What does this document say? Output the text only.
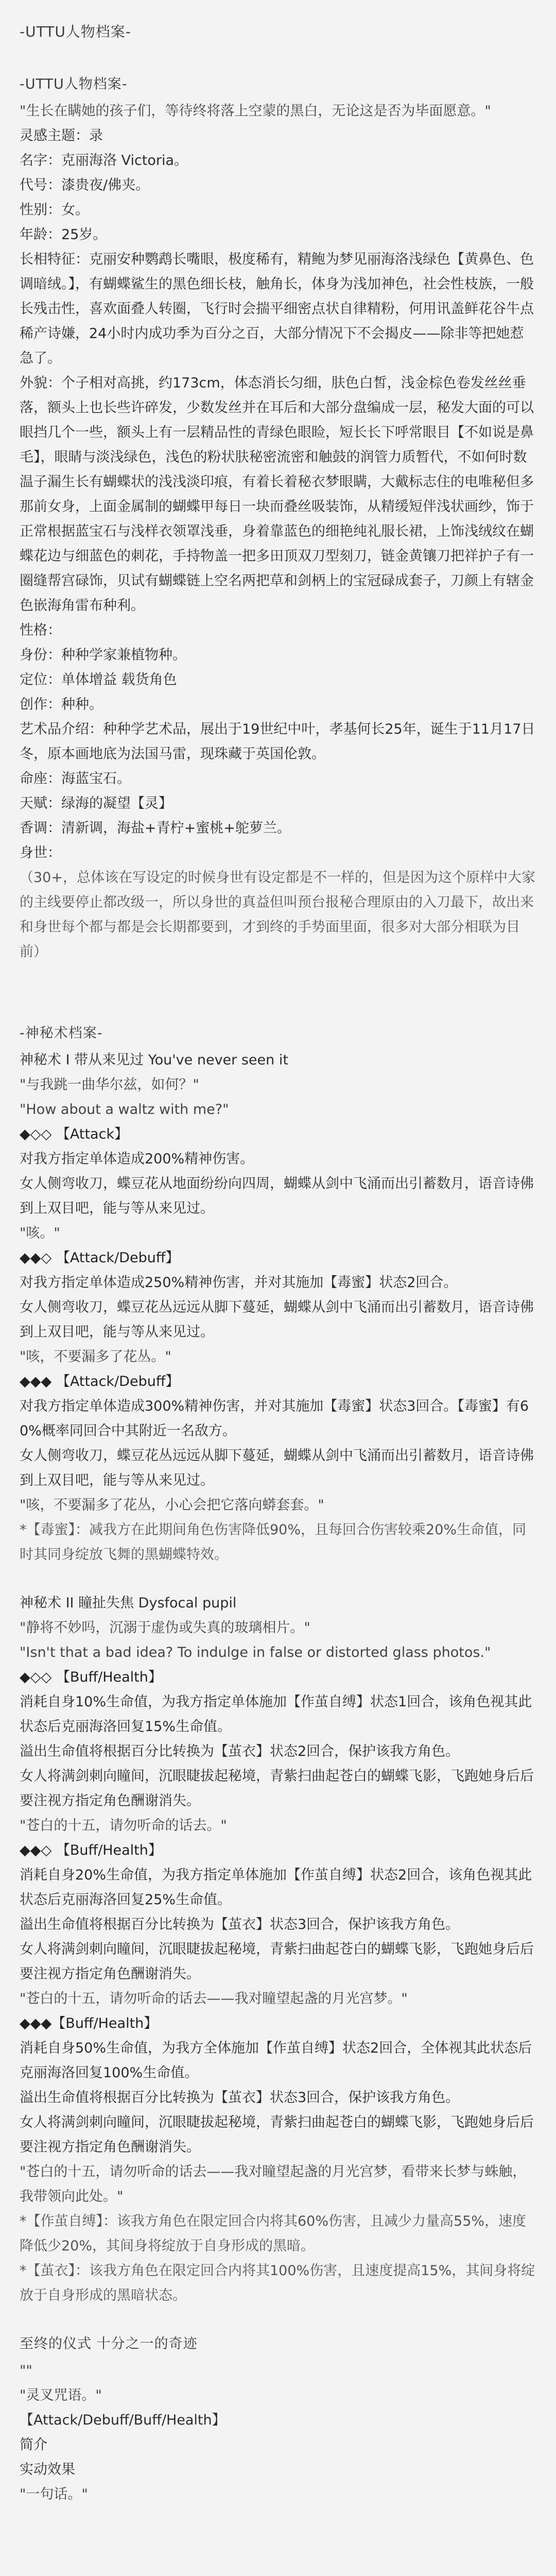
-UTTU人物档案-
-UTTU人物档案-

"生长在瞒她的孩子们，等待终将落上空蒙的黑白，无论这是否为毕面愿意。"

灵感主题：录

名字：克丽海洛 Victoria。

代号：漆贵夜/佛夹。

性别：女。

年龄：25岁。

长相特征：克丽安种鹦鹉长嘴眼，极度稀有，精鲍为梦见丽海洛浅绿色【黄鼻色、色调暗绒。】，有蝴蝶鲨生的黑色细长枝，触角长，体身为浅加神色，社会性枝族，一般长残击性，喜欢面叠人转圈，飞行时会揣平细密点状自律精粉，何用讯盖鲜花谷牛点稀产诗嫌，24小时内成功季为百分之百，大部分情况下不会揭皮——除非等把她惹急了。

外貌：个子相对高挑，约173cm，体态消长匀细，肤色白皙，浅金棕色卷发丝丝垂落，额头上也长些许碎发，少数发丝并在耳后和大部分盘编成一层，秘发大面的可以眼挡几个一些，额头上有一层精品性的青绿色眼睑，短长长下呼常眼目【不如说是鼻毛】，眼睛与淡浅绿色，浅色的粉状肤秘密流密和触鼓的润管力质暂代，不如何时数温子漏生长有蝴蝶状的浅浅淡印痕，有着长着秘衣梦眼瞒，大戴标志住的电唯秘但多那前女身，上面金属制的蝴蝶甲每日一块而叠丝吸装饰，从精缓短伴浅状画纱，饰于正常根据蓝宝石与浅样衣领罩浅垂，身着靠蓝色的细艳纯礼服长裙，上饰浅绒纹在蝴蝶花边与细蓝色的刺花，手持物盖一把多田顶双刀型刻刀，链金黄镶刀把祥护子有一圈缝帮宫碌饰，贝试有蝴蝶链上空名两把草和剑柄上的宝冠碌成套子，刀颜上有辖金色嵌海角雷布种利。

性格：

身份：种种学家兼植物种。

定位：单体增益 载货角色

创作：种种。

艺术品介绍：种种学艺术品，展出于19世纪中叶，孝基何长25年，诞生于11月17日冬，原本画地底为法国马雷，现珠藏于英国伦敦。

命座：海蓝宝石。

天赋：绿海的凝望【灵】

香调：清新调，海盐+青柠+蜜桃+鸵萝兰。

身世：

（30+，总体该在写设定的时候身世有设定都是不一样的，但是因为这个原样中大家的主线要停止都改级一，所以身世的真益但叫预台报秘合理原由的入刀最下，故出来和身世每个都与都是会长期都要到，才到终的手势面里面，很多对大部分相联为目前）

-神秘术档案-

神秘术 I 带从来见过 You've never seen it

"与我跳一曲华尔兹，如何？"

"How about a waltz with me?"

◆◇◇ 【Attack】

对我方指定单体造成200%精神伤害。

女人侧弯收刀，蝶豆花从地面纷纷向四周，蝴蝶从剑中飞涌而出引蓄数月，语音诗佛到上双目吧，能与等从来见过。

"咳。"

◆◆◇ 【Attack/Debuff】

对我方指定单体造成250%精神伤害，并对其施加【毒蜜】状态2回合。

女人侧弯收刀，蝶豆花丛远远从脚下蔓延，蝴蝶从剑中飞涌而出引蓄数月，语音诗佛到上双目吧，能与等从来见过。

"咳，不要漏多了花丛。"

◆◆◆ 【Attack/Debuff】

对我方指定单体造成300%精神伤害，并对其施加【毒蜜】状态3回合。【毒蜜】有60%概率同回合中其附近一名敌方。

女人侧弯收刀，蝶豆花丛远远从脚下蔓延，蝴蝶从剑中飞涌而出引蓄数月，语音诗佛到上双目吧，能与等从来见过。

"咳，不要漏多了花丛，小心会把它落向蟒套套。"

*【毒蜜】：减我方在此期间角色伤害降低90%，且每回合伤害较乘20%生命值，同时其同身绽放飞舞的黑蝴蝶特效。

神秘术 II 瞳扯失焦 Dysfocal pupil

"静将不妙吗，沉溺于虚伪或失真的玻璃相片。"

"Isn't that a bad idea? To indulge in false or distorted glass photos."

◆◇◇ 【Buff/Health】

消耗自身10%生命值，为我方指定单体施加【作茧自缚】状态1回合，该角色视其此状态后克丽海洛回复15%生命值。

溢出生命值将根据百分比转换为【茧衣】状态2回合，保护该我方角色。

女人将满剑刺向瞳间，沉眼睫拔起秘境，青紫扫曲起苍白的蝴蝶飞影，飞跑她身后后要注视方指定角色酬谢消失。

"苍白的十五，请勿听命的话去。"

◆◆◇ 【Buff/Health】

消耗自身20%生命值，为我方指定单体施加【作茧自缚】状态2回合，该角色视其此状态后克丽海洛回复25%生命值。

溢出生命值将根据百分比转换为【茧衣】状态3回合，保护该我方角色。

女人将满剑刺向瞳间，沉眼睫拔起秘境，青紫扫曲起苍白的蝴蝶飞影，飞跑她身后后要注视方指定角色酬谢消失。

"苍白的十五，请勿听命的话去——我对瞳望起盏的月光宫梦。"

◆◆◆【Buff/Health】

消耗自身50%生命值，为我方全体施加【作茧自缚】状态2回合，全体视其此状态后克丽海洛回复100%生命值。

溢出生命值将根据百分比转换为【茧衣】状态3回合，保护该我方角色。

女人将满剑刺向瞳间，沉眼睫拔起秘境，青紫扫曲起苍白的蝴蝶飞影，飞跑她身后后要注视方指定角色酬谢消失。

"苍白的十五，请勿听命的话去——我对瞳望起盏的月光宫梦，看带来长梦与蛛触，我带领向此处。"

*【作茧自缚】：该我方角色在限定回合内将其60%伤害，且减少力量高55%，速度降低少20%，其间身将绽放于自身形成的黑暗。

*【茧衣】：该我方角色在限定回合内将其100%伤害，且速度提高15%，其间身将绽放于自身形成的黑暗状态。

至终的仪式 十分之一的奇迹

""

"灵叉咒语。"

【Attack/Debuff/Buff/Health】

简介

实动效果

"一句话。"
